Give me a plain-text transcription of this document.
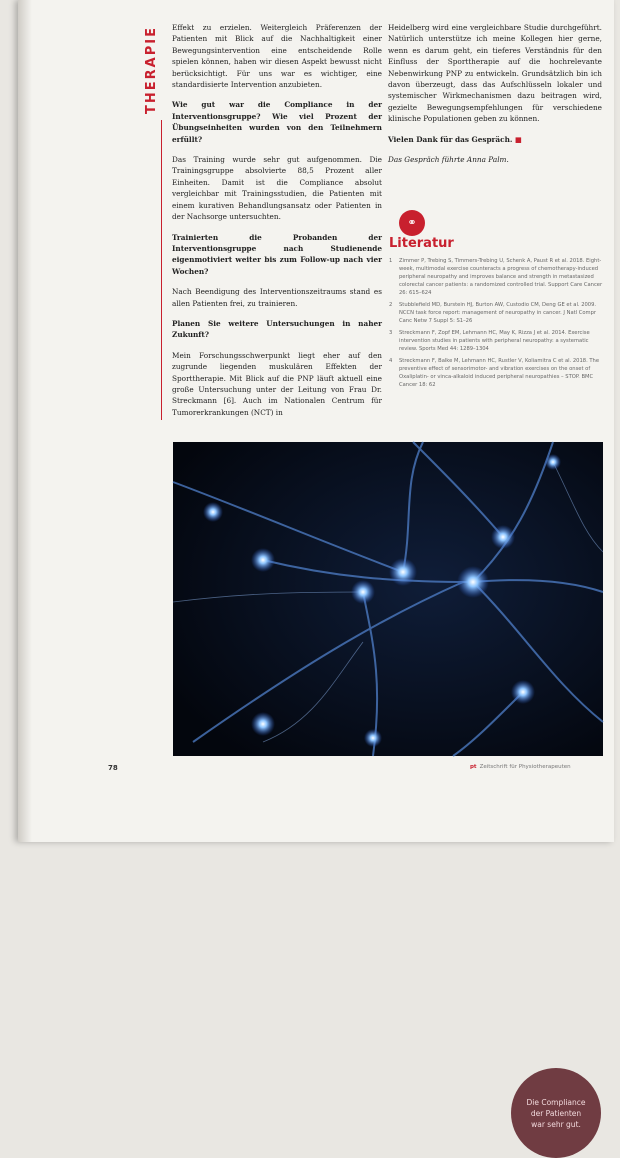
THERAPIE	Effekt zu erzielen. Weitergleich Präferenzen der Patienten mit Blick auf die Nachhaltigkeit einer Bewegungsintervention eine entscheidende Rolle spielen können, haben wir diesen Aspekt bewusst nicht berücksichtigt. Für uns war es wichtiger, eine standardisierte Intervention anzubieten.

Wie gut war die Compliance in der Interventionsgruppe? Wie viel Prozent der Übungseinheiten wurden von den Teilnehmern erfüllt?

Das Training wurde sehr gut aufgenommen. Die Trainingsgruppe absolvierte 88,5 Prozent aller Einheiten. Damit ist die Compliance absolut vergleichbar mit Trainingsstudien, die Patienten mit einem kurativen Behandlungsansatz oder Patienten in der Nachsorge untersuchten.

Trainierten die Probanden der Interventionsgruppe nach Studienende eigenmotiviert weiter bis zum Follow-up nach vier Wochen?

Nach Beendigung des Interventionszeitraums stand es allen Patienten frei, zu trainieren.

Planen Sie weitere Untersuchungen in naher Zukunft?

Mein Forschungsschwerpunkt liegt eher auf den zugrunde liegenden muskulären Effekten der Sporttherapie. Mit Blick auf die PNP läuft aktuell eine große Untersuchung unter der Leitung von Frau Dr. Streckmann [6]. Auch im Nationalen Centrum für Tumorerkrankungen (NCT) in

Heidelberg wird eine vergleichbare Studie durchgeführt. Natürlich unterstütze ich meine Kollegen hier gerne, wenn es darum geht, ein tieferes Verständnis für den Einfluss der Sporttherapie auf die hochrelevante Nebenwirkung PNP zu entwickeln. Grundsätzlich bin ich davon überzeugt, dass das Aufschlüsseln lokaler und systemischer Wirkmechanismen dazu beitragen wird, gezielte Bewegungsempfehlungen für verschiedene klinische Populationen geben zu können.

Vielen Dank für das Gespräch. ■

Das Gespräch führte Anna Palm.

⚭
Literatur
1	Zimmer P, Trebing S, Timmers-Trebing U, Schenk A, Paust R et al. 2018. Eight-week, multimodal exercise counteracts a progress of chemotherapy-induced peripheral neuropathy and improves balance and strength in metastasized colorectal cancer patients: a randomized controlled trial. Support Care Cancer 26: 615–624
2	Stubblefield MD, Burstein HJ, Burton AW, Custodio CM, Deng GE et al. 2009. NCCN task force report: management of neuropathy in cancer. J Natl Compr Canc Netw 7 Suppl 5: S1–26
3	Streckmann F, Zopf EM, Lehmann HC, May K, Rizza J et al. 2014. Exercise intervention studies in patients with peripheral neuropathy: a systematic review. Sports Med 44: 1289–1304
4	Streckmann F, Balke M, Lehmann HC, Rustler V, Koliamitra C et al. 2018. The preventive effect of sensorimotor- and vibration exercises on the onset of Oxaliplatin- or vinca-alkaloid induced peripheral neuropathies – STOP. BMC Cancer 18: 62
Die Compliance der Patienten war sehr gut.
78	pt Zeitschrift für Physiotherapeuten
